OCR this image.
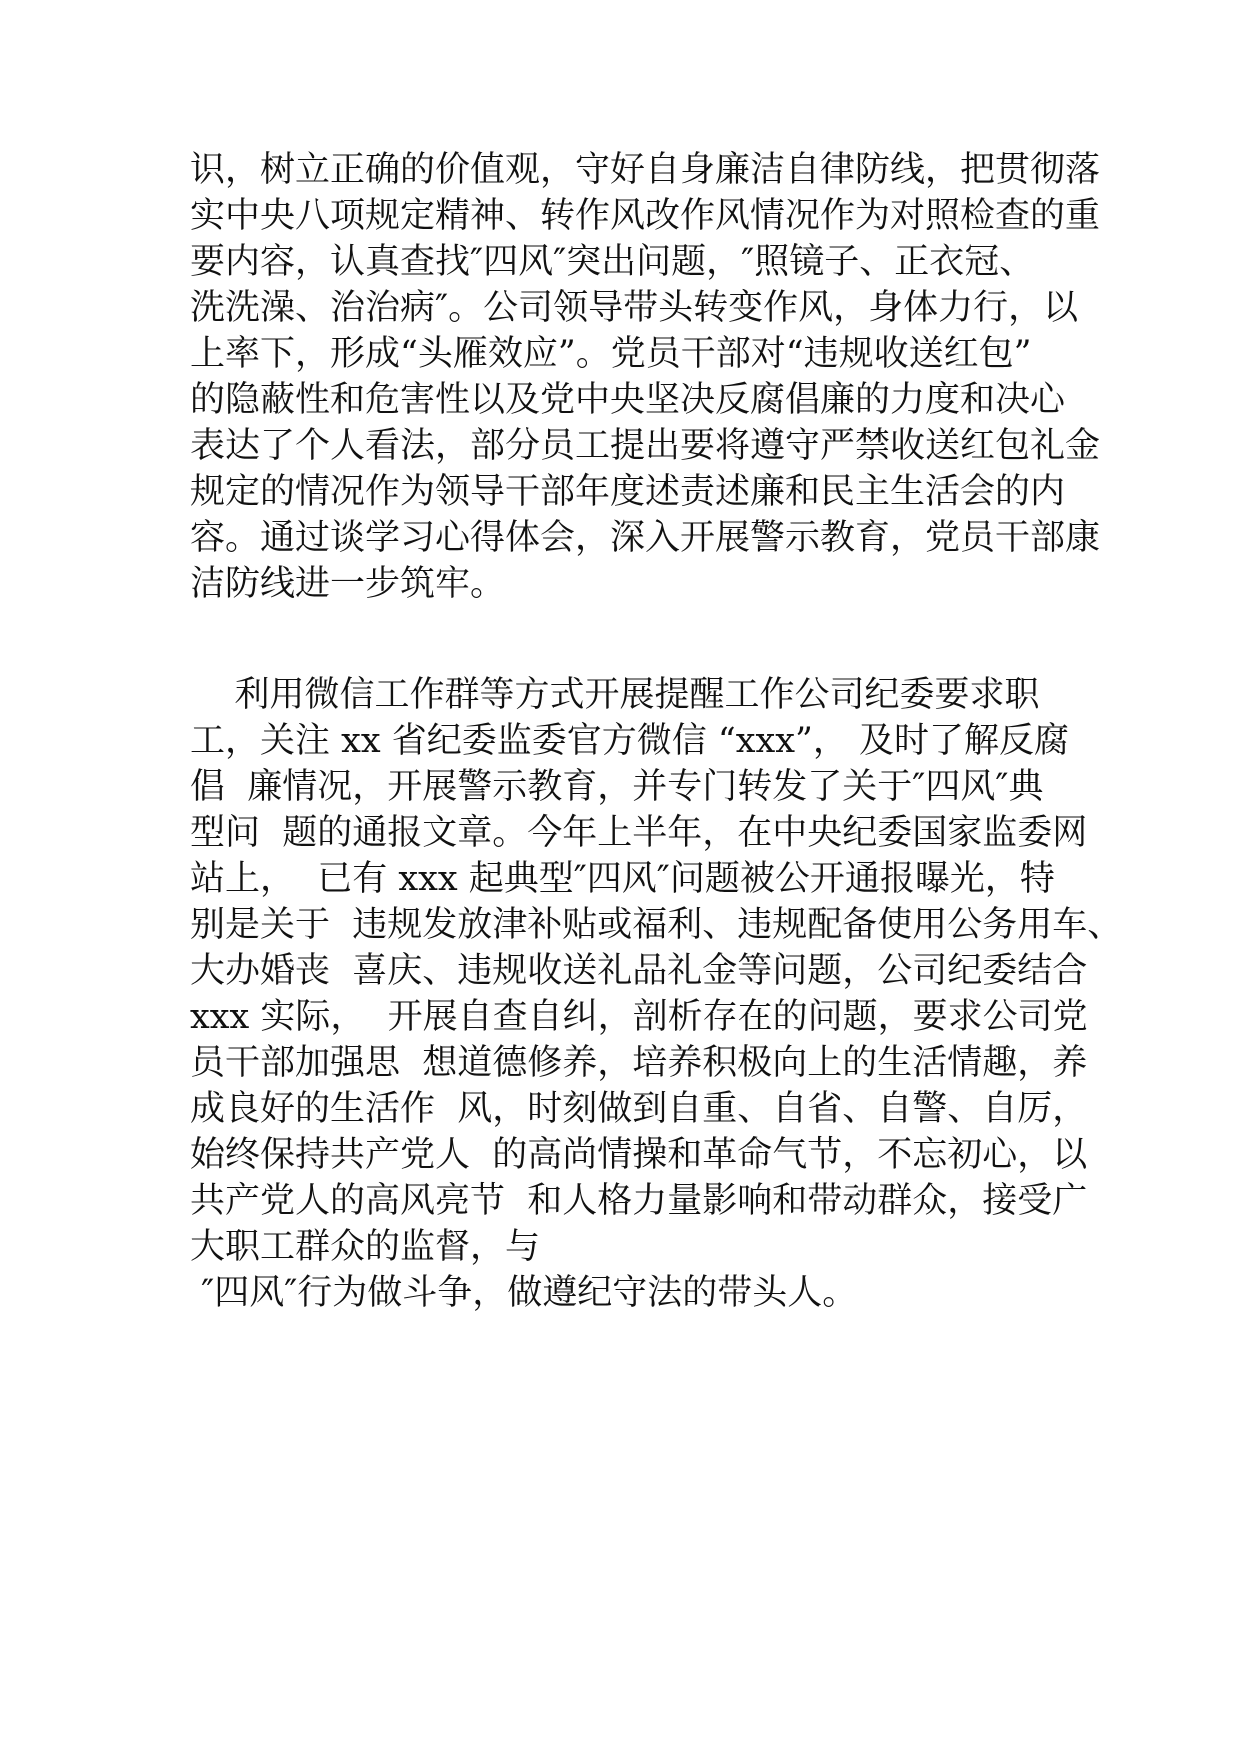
识，树立正确的价值观，守好自身廉洁自律防线，把贯彻落
实中央八项规定精神、转作风改作风情况作为对照检查的重
要内容，认真查找″四风″突出问题，″照镜子、正衣冠、
洗洗澡、治治病″。公司领导带头转变作风，身体力行，以
上率下，形成“头雁效应”。党员干部对“违规收送红包”
的隐蔽性和危害性以及党中央坚决反腐倡廉的力度和决心
表达了个人看法，部分员工提出要将遵守严禁收送红包礼金
规定的情况作为领导干部年度述责述廉和民主生活会的内
容。通过谈学习心得体会，深入开展警示教育，党员干部康
洁防线进一步筑牢。
利用微信工作群等方式开展提醒工作公司纪委要求职
工，关注 xx 省纪委监委官方微信 “xxx”， 及时了解反腐
倡  廉情况，开展警示教育，并专门转发了关于″四风″典
型问  题的通报文章。今年上半年，在中央纪委国家监委网
站上，  已有 xxx 起典型″四风″问题被公开通报曝光，特
别是关于  违规发放津补贴或福利、违规配备使用公务用车、
大办婚丧  喜庆、违规收送礼品礼金等问题，公司纪委结合
xxx 实际，  开展自查自纠，剖析存在的问题，要求公司党
员干部加强思  想道德修养，培养积极向上的生活情趣，养
成良好的生活作  风，时刻做到自重、自省、自警、自厉，
始终保持共产党人  的高尚情操和革命气节，不忘初心，以
共产党人的高风亮节  和人格力量影响和带动群众，接受广
大职工群众的监督，与
″四风″行为做斗争，做遵纪守法的带头人。
